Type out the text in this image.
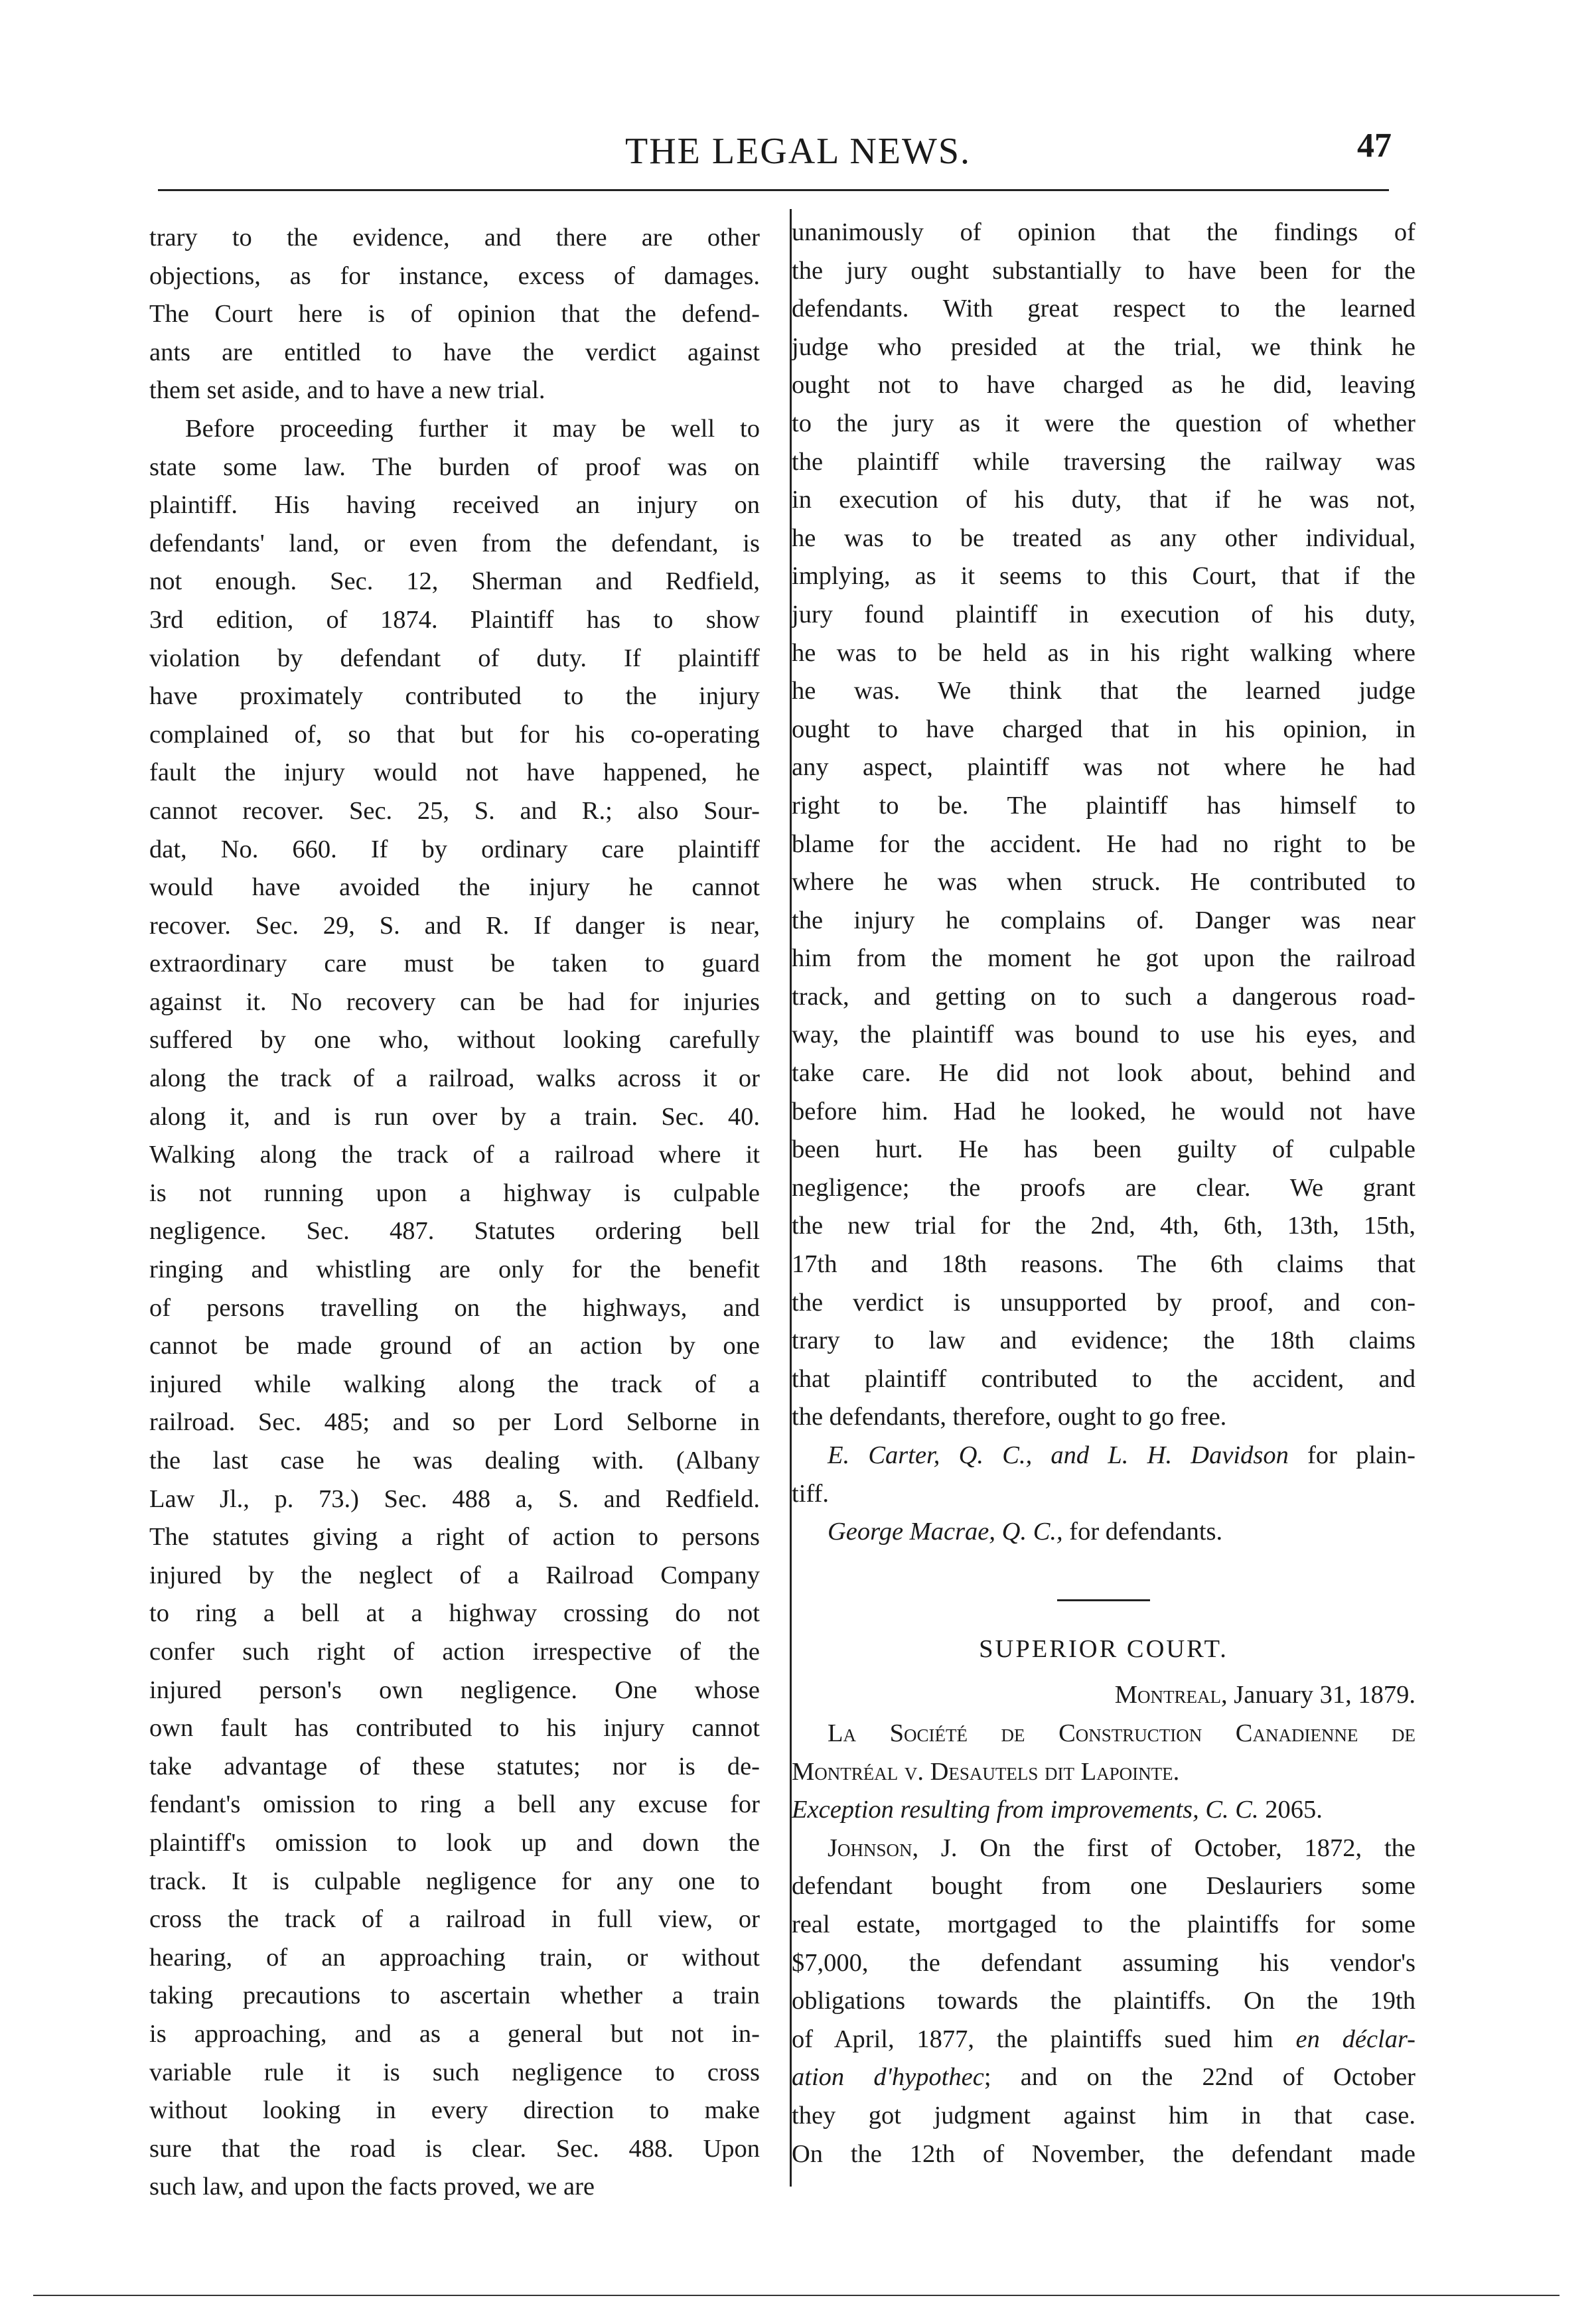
THE LEGAL NEWS.	47
trary to the evidence, and there are other
objections, as for instance, excess of damages.
The Court here is of opinion that the defend-
ants are entitled to have the verdict against
them set aside, and to have a new trial.
Before proceeding further it may be well to
state some law. The burden of proof was on
plaintiff. His having received an injury on
defendants' land, or even from the defendant, is
not enough. Sec. 12, Sherman and Redfield,
3rd edition, of 1874. Plaintiff has to show
violation by defendant of duty. If plaintiff
have proximately contributed to the injury
complained of, so that but for his co-operating
fault the injury would not have happened, he
cannot recover. Sec. 25, S. and R.; also Sour-
dat, No. 660. If by ordinary care plaintiff
would have avoided the injury he cannot
recover. Sec. 29, S. and R. If danger is near,
extraordinary care must be taken to guard
against it. No recovery can be had for injuries
suffered by one who, without looking carefully
along the track of a railroad, walks across it or
along it, and is run over by a train. Sec. 40.
Walking along the track of a railroad where it
is not running upon a highway is culpable
negligence. Sec. 487. Statutes ordering bell
ringing and whistling are only for the benefit
of persons travelling on the highways, and
cannot be made ground of an action by one
injured while walking along the track of a
railroad. Sec. 485; and so per Lord Selborne in
the last case he was dealing with. (Albany
Law Jl., p. 73.) Sec. 488 a, S. and Redfield.
The statutes giving a right of action to persons
injured by the neglect of a Railroad Company
to ring a bell at a highway crossing do not
confer such right of action irrespective of the
injured person's own negligence. One whose
own fault has contributed to his injury cannot
take advantage of these statutes; nor is de-
fendant's omission to ring a bell any excuse for
plaintiff's omission to look up and down the
track. It is culpable negligence for any one to
cross the track of a railroad in full view, or
hearing, of an approaching train, or without
taking precautions to ascertain whether a train
is approaching, and as a general but not in-
variable rule it is such negligence to cross
without looking in every direction to make
sure that the road is clear. Sec. 488. Upon
such law, and upon the facts proved, we are
unanimously of opinion that the findings of
the jury ought substantially to have been for the
defendants. With great respect to the learned
judge who presided at the trial, we think he
ought not to have charged as he did, leaving
to the jury as it were the question of whether
the plaintiff while traversing the railway was
in execution of his duty, that if he was not,
he was to be treated as any other individual,
implying, as it seems to this Court, that if the
jury found plaintiff in execution of his duty,
he was to be held as in his right walking where
he was. We think that the learned judge
ought to have charged that in his opinion, in
any aspect, plaintiff was not where he had
right to be. The plaintiff has himself to
blame for the accident. He had no right to be
where he was when struck. He contributed to
the injury he complains of. Danger was near
him from the moment he got upon the railroad
track, and getting on to such a dangerous road-
way, the plaintiff was bound to use his eyes, and
take care. He did not look about, behind and
before him. Had he looked, he would not have
been hurt. He has been guilty of culpable
negligence; the proofs are clear. We grant
the new trial for the 2nd, 4th, 6th, 13th, 15th,
17th and 18th reasons. The 6th claims that
the verdict is unsupported by proof, and con-
trary to law and evidence; the 18th claims
that plaintiff contributed to the accident, and
the defendants, therefore, ought to go free.
E. Carter, Q. C., and L. H. Davidson for plain-
tiff.
George Macrae, Q. C., for defendants.
SUPERIOR COURT.
Montreal, January 31, 1879.
La Société de Construction Canadienne de
Montréal v. Desautels dit Lapointe.
Exception resulting from improvements, C. C. 2065.
Johnson, J. On the first of October, 1872, the
defendant bought from one Deslauriers some
real estate, mortgaged to the plaintiffs for some
$7,000, the defendant assuming his vendor's
obligations towards the plaintiffs. On the 19th
of April, 1877, the plaintiffs sued him en déclar-
ation d'hypothec; and on the 22nd of October
they got judgment against him in that case.
On the 12th of November, the defendant made
